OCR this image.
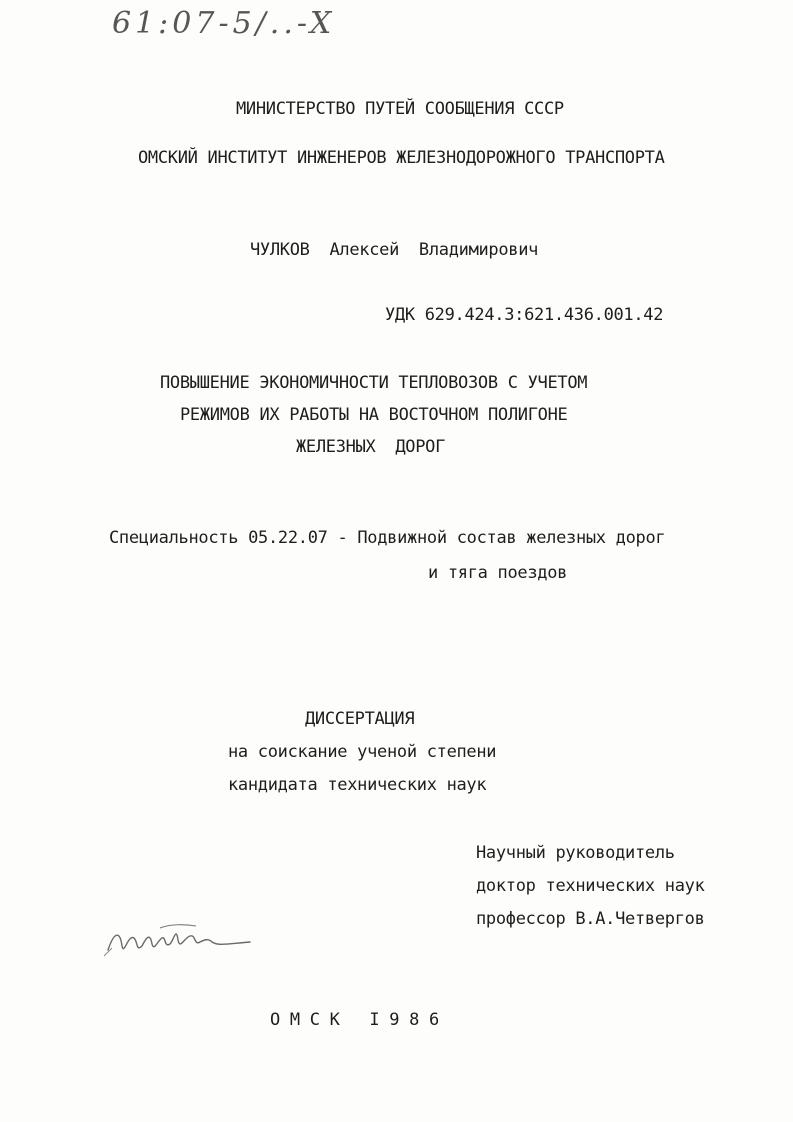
61:07-5/..-X
МИНИСТЕРСТВО ПУТЕЙ СООБЩЕНИЯ СССР
ОМСКИЙ ИНСТИТУТ ИНЖЕНЕРОВ ЖЕЛЕЗНОДОРОЖНОГО ТРАНСПОРТА
ЧУЛКОВ  Алексей  Владимирович
УДК 629.424.3:621.436.001.42
ПОВЫШЕНИЕ ЭКОНОМИЧНОСТИ ТЕПЛОВОЗОВ С УЧЕТОМ
РЕЖИМОВ ИХ РАБОТЫ НА ВОСТОЧНОМ ПОЛИГОНЕ
ЖЕЛЕЗНЫХ  ДОРОГ
Специальность 05.22.07 - Подвижной состав железных дорог
и тяга поездов
ДИССЕРТАЦИЯ
на соискание ученой степени
кандидата технических наук
Научный руководитель
доктор технических наук
профессор В.А.Четвергов
О М С К   I 9 8 6
